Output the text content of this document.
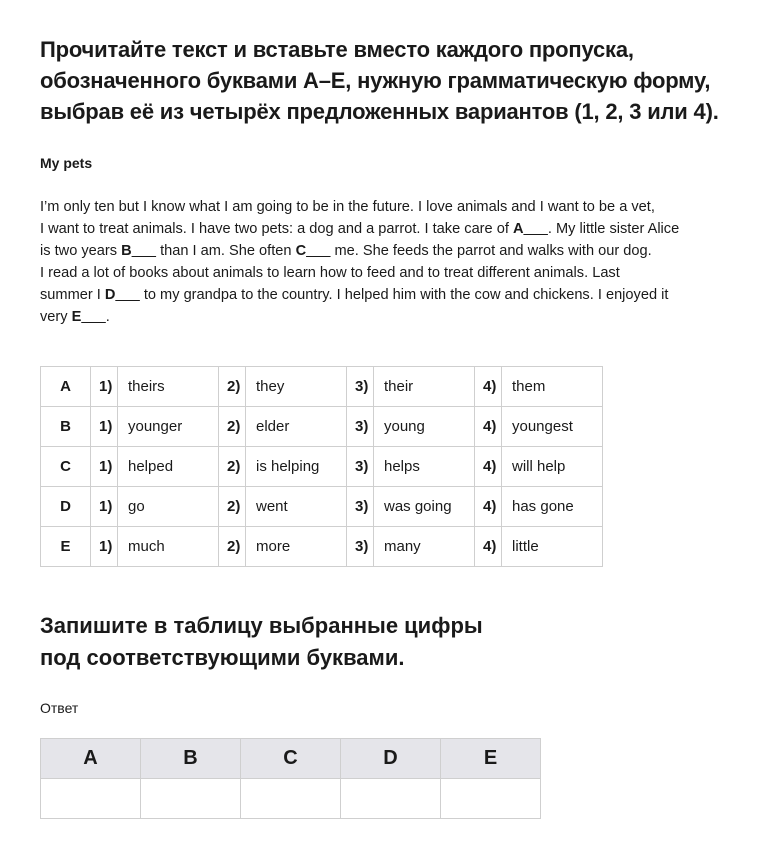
Прочитайте текст и вставьте вместо каждого пропуска, обозначенного буквами А–Е, нужную грамматическую форму, выбрав её из четырёх предложенных вариантов (1, 2, 3 или 4).
My pets
I’m only ten but I know what I am going to be in the future. I love animals and I want to be a vet,
I want to treat animals. I have two pets: a dog and a parrot. I take care of A___. My little sister Alice
is two years B___ than I am. She often C___ me. She feeds the parrot and walks with our dog.
I read a lot of books about animals to learn how to feed and to treat different animals. Last
summer I D___ to my grandpa to the country. I helped him with the cow and chickens. I enjoyed it
very E___.
A	1)	theirs	2)	they	3)	their	4)	them
B	1)	younger	2)	elder	3)	young	4)	youngest
C	1)	helped	2)	is helping	3)	helps	4)	will help
D	1)	go	2)	went	3)	was going	4)	has gone
E	1)	much	2)	more	3)	many	4)	little
Запишите в таблицу выбранные цифры
под соответствующими буквами.
Ответ
A	B	C	D	E
